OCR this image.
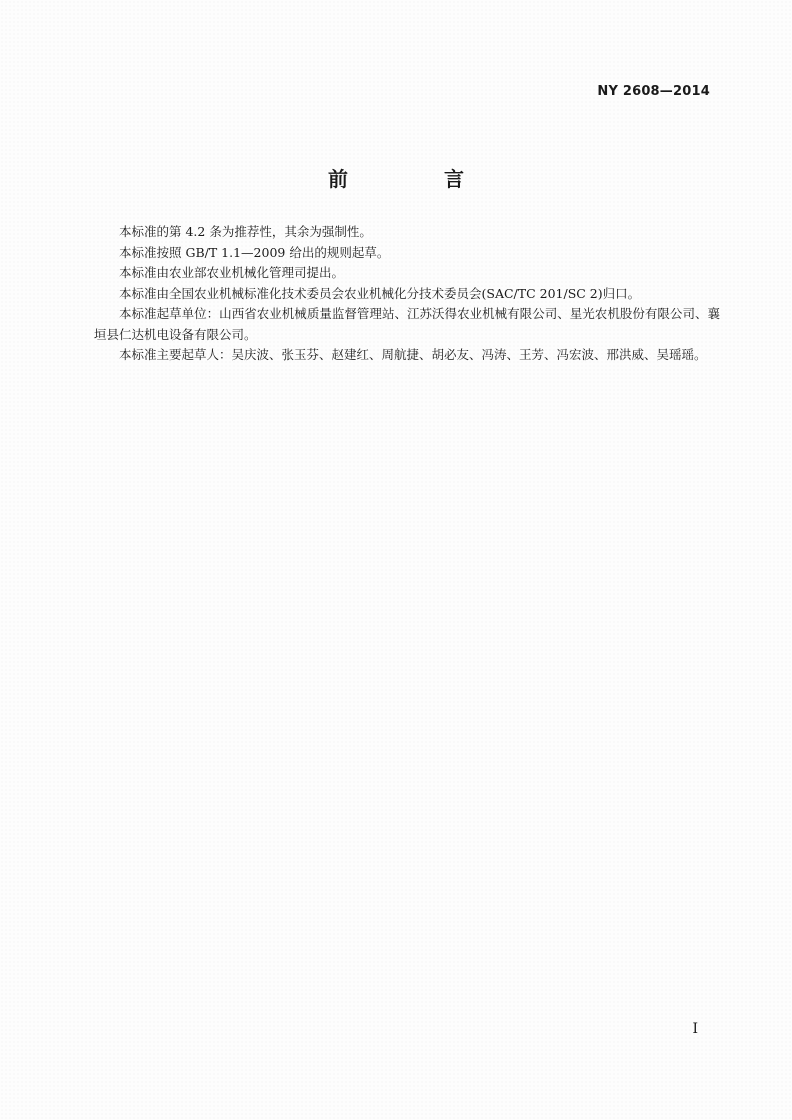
NY 2608—2014
前　言

本标准的第 4.2 条为推荐性，其余为强制性。

本标准按照 GB/T 1.1—2009 给出的规则起草。

本标准由农业部农业机械化管理司提出。

本标准由全国农业机械标准化技术委员会农业机械化分技术委员会(SAC/TC 201/SC 2)归口。

本标准起草单位：山西省农业机械质量监督管理站、江苏沃得农业机械有限公司、星光农机股份有限公司、襄垣县仁达机电设备有限公司。

本标准主要起草人：吴庆波、张玉芬、赵建红、周航捷、胡必友、冯涛、王芳、冯宏波、邢洪威、吴瑶瑶。

I
